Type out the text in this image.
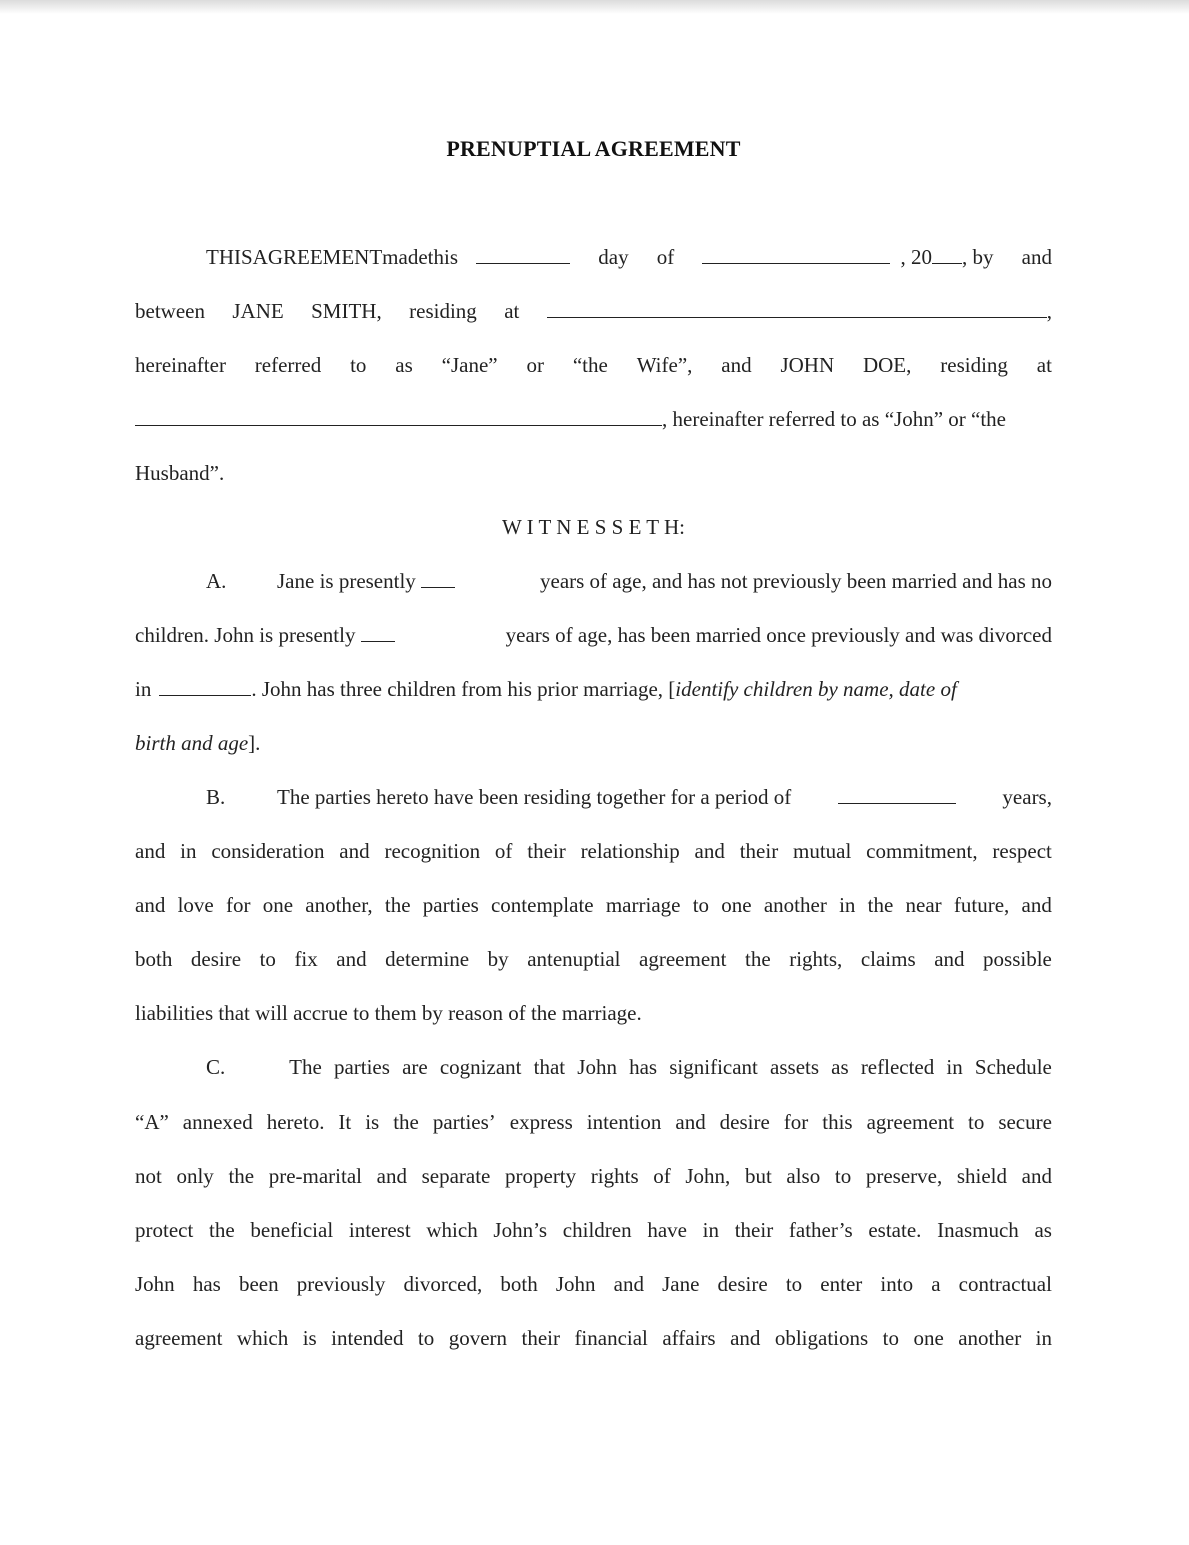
PRENUPTIAL AGREEMENT
THIS AGREEMENT made this	day of	, 20 , by and
between JANE SMITH, residing at	,
hereinafter referred to as “Jane” or “the Wife”, and JOHN DOE, residing at
, hereinafter referred to as “John” or “the
Husband”.
W I T N E S S E T H:
A. Jane is presently	years of age, and has not previously been married and has no
children. John is presently	years of age, has been married once previously and was divorced
in	. John has three children from his prior marriage, [ identify children by name, date of
birth and age ].
B. The parties hereto have been residing together for a period of	years,
and in consideration and recognition of their relationship and their mutual commitment, respect
and love for one another, the parties contemplate marriage to one another in the near future, and
both desire to fix and determine by antenuptial agreement the rights, claims and possible
liabilities that will accrue to them by reason of the marriage.
C.	The parties are cognizant that John has significant assets as reflected in Schedule
“A” annexed hereto. It is the parties’ express intention and desire for this agreement to secure
not only the pre-marital and separate property rights of John, but also to preserve, shield and
protect the beneficial interest which John’s children have in their father’s estate. Inasmuch as
John has been previously divorced, both John and Jane desire to enter into a contractual
agreement which is intended to govern their financial affairs and obligations to one another in
